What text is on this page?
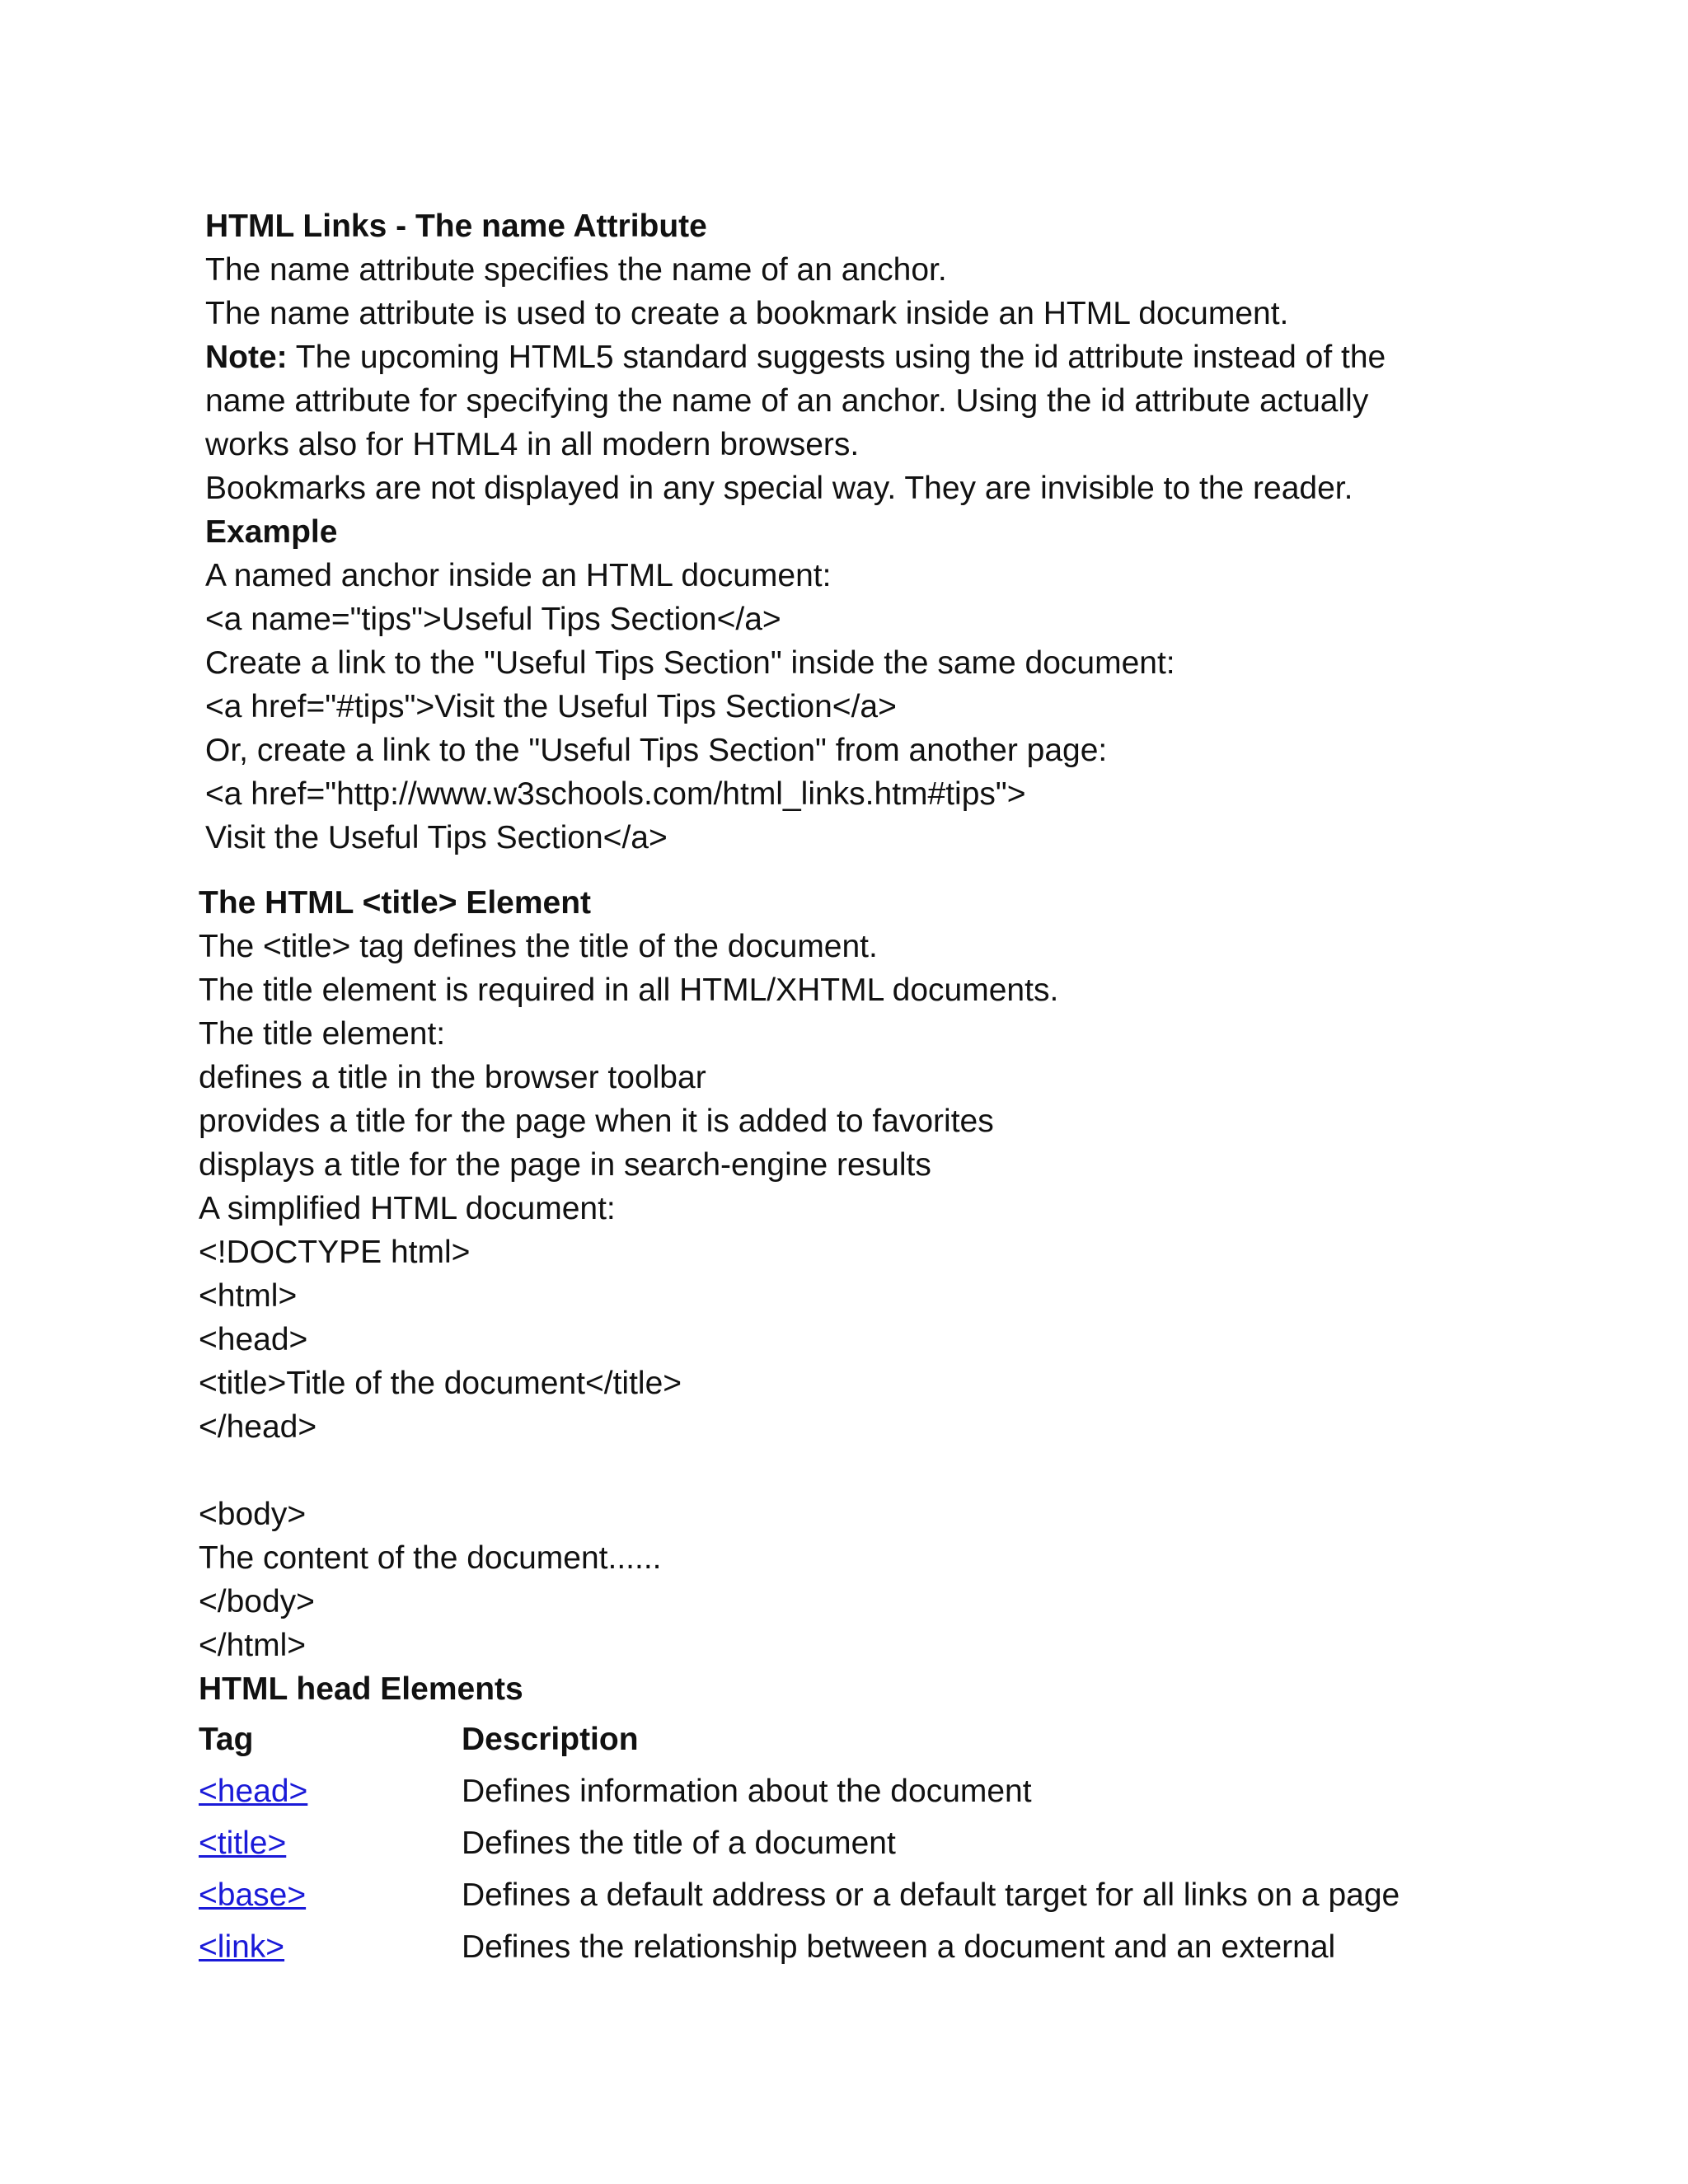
HTML Links - The name Attribute
The name attribute specifies the name of an anchor.
The name attribute is used to create a bookmark inside an HTML document.
Note: The upcoming HTML5 standard suggests using the id attribute instead of the
name attribute for specifying the name of an anchor. Using the id attribute actually
works also for HTML4 in all modern browsers.
Bookmarks are not displayed in any special way. They are invisible to the reader.
Example
A named anchor inside an HTML document:
<a name="tips">Useful Tips Section</a>
Create a link to the "Useful Tips Section" inside the same document:
<a href="#tips">Visit the Useful Tips Section</a>
Or, create a link to the "Useful Tips Section" from another page:
<a href="http://www.w3schools.com/html_links.htm#tips">
Visit the Useful Tips Section</a>
The HTML <title> Element
The <title> tag defines the title of the document.
The title element is required in all HTML/XHTML documents.
The title element:
defines a title in the browser toolbar
provides a title for the page when it is added to favorites
displays a title for the page in search-engine results
A simplified HTML document:
<!DOCTYPE html>
<html>
<head>
<title>Title of the document</title>
</head>
<body>
The content of the document......
</body>
</html>
HTML head Elements
Tag	Description
<head>	Defines information about the document
<title>	Defines the title of a document
<base>	Defines a default address or a default target for all links on a page
<link>	Defines the relationship between a document and an external
